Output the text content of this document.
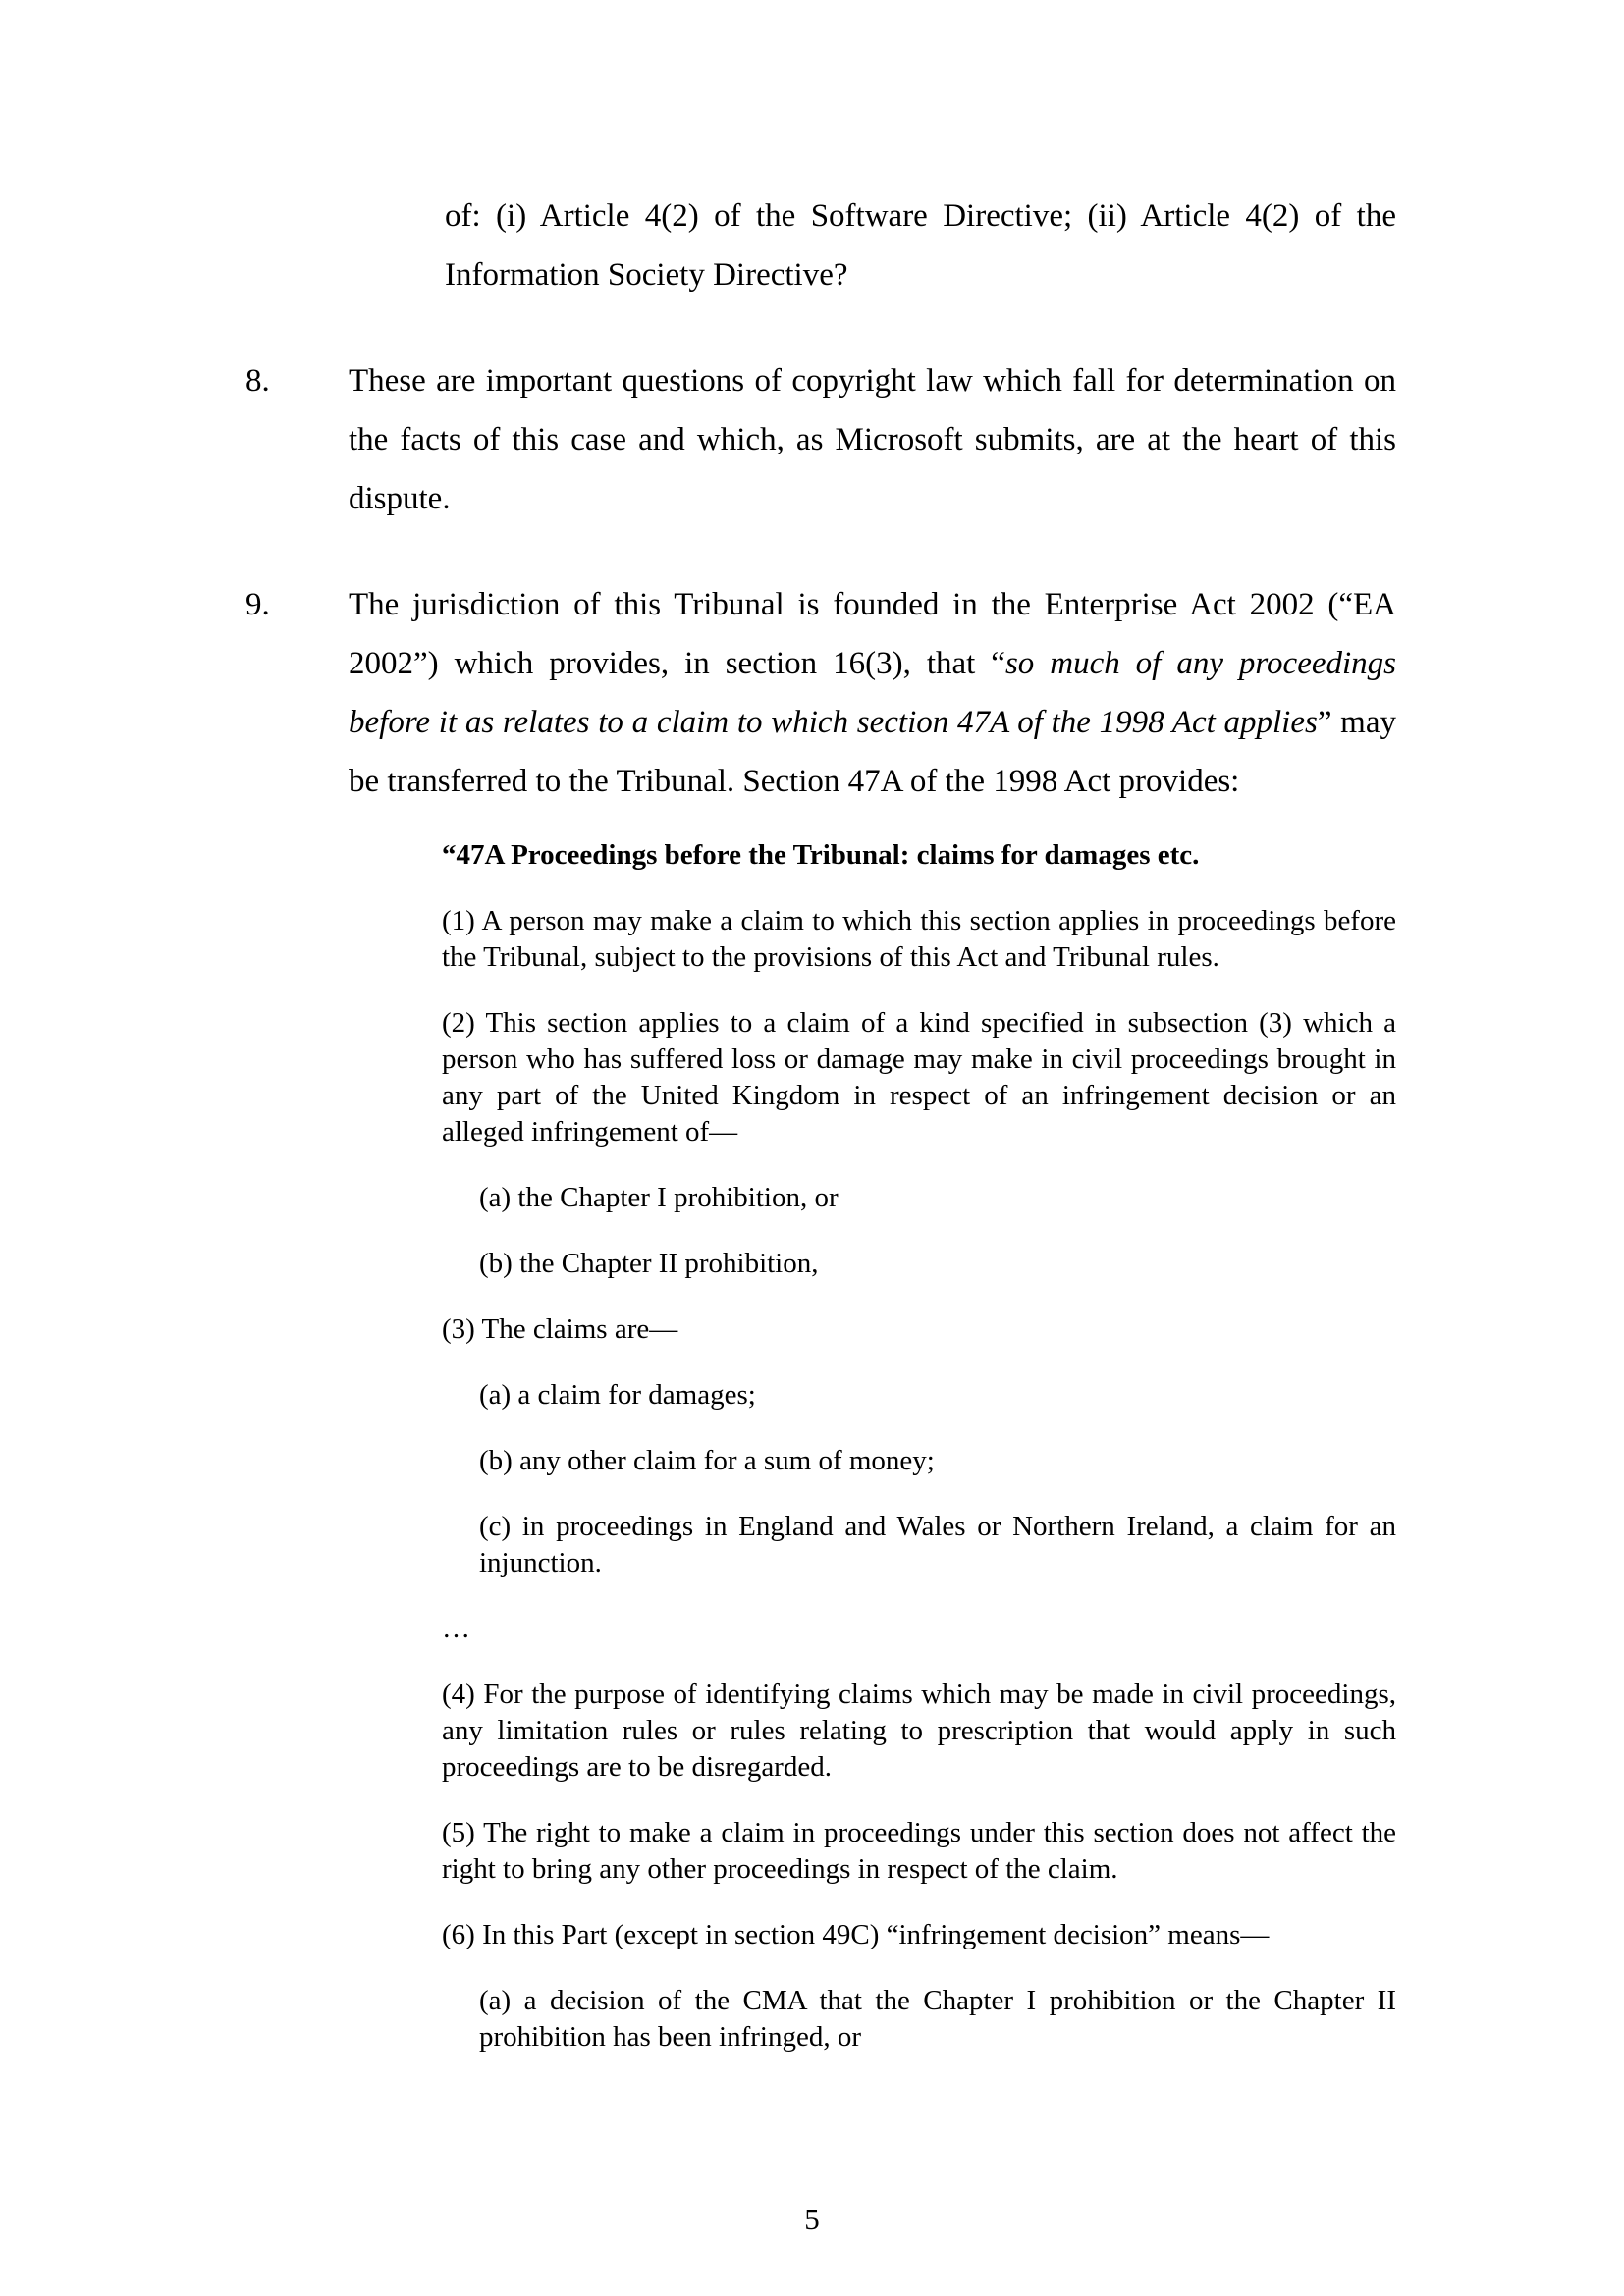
of: (i) Article 4(2) of the Software Directive; (ii) Article 4(2) of the Information Society Directive?
8. These are important questions of copyright law which fall for determination on the facts of this case and which, as Microsoft submits, are at the heart of this dispute.
9. The jurisdiction of this Tribunal is founded in the Enterprise Act 2002 (“EA 2002”) which provides, in section 16(3), that “so much of any proceedings before it as relates to a claim to which section 47A of the 1998 Act applies” may be transferred to the Tribunal. Section 47A of the 1998 Act provides:
“47A Proceedings before the Tribunal: claims for damages etc.
(1) A person may make a claim to which this section applies in proceedings before the Tribunal, subject to the provisions of this Act and Tribunal rules.
(2) This section applies to a claim of a kind specified in subsection (3) which a person who has suffered loss or damage may make in civil proceedings brought in any part of the United Kingdom in respect of an infringement decision or an alleged infringement of—
(a) the Chapter I prohibition, or
(b) the Chapter II prohibition,
(3) The claims are—
(a) a claim for damages;
(b) any other claim for a sum of money;
(c) in proceedings in England and Wales or Northern Ireland, a claim for an injunction.
…
(4) For the purpose of identifying claims which may be made in civil proceedings, any limitation rules or rules relating to prescription that would apply in such proceedings are to be disregarded.
(5) The right to make a claim in proceedings under this section does not affect the right to bring any other proceedings in respect of the claim.
(6) In this Part (except in section 49C) “infringement decision” means—
(a) a decision of the CMA that the Chapter I prohibition or the Chapter II prohibition has been infringed, or
5
